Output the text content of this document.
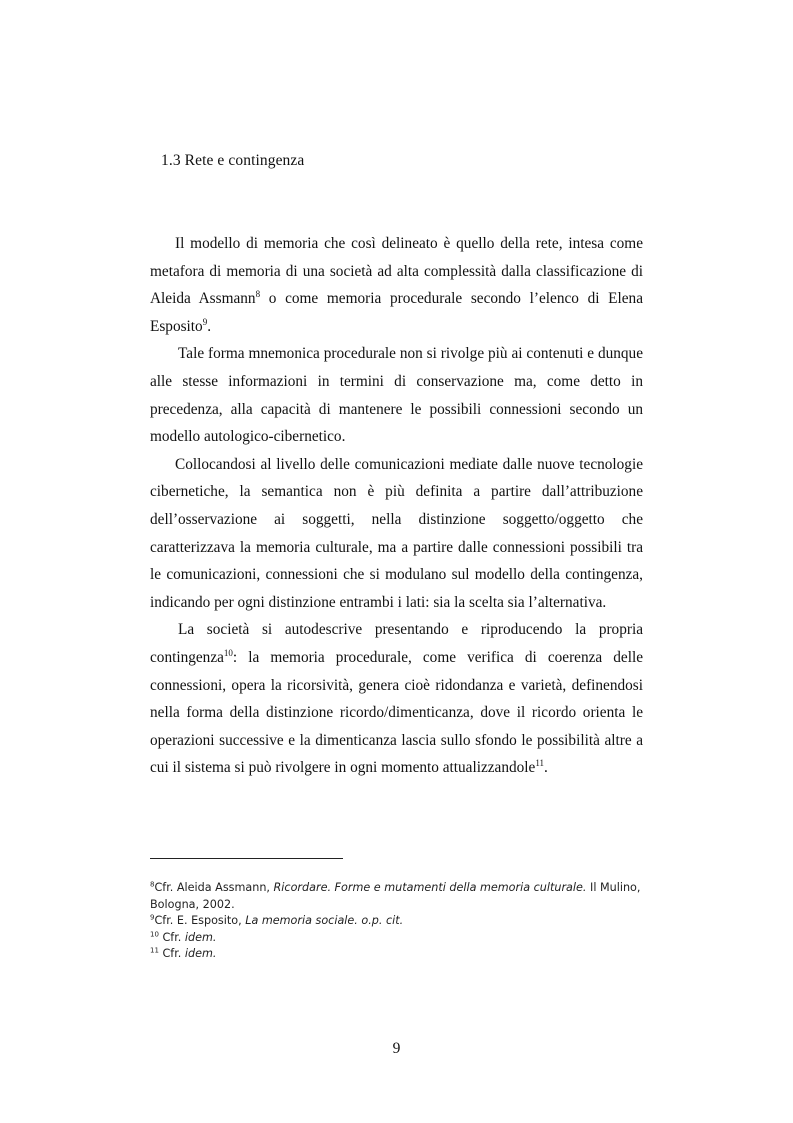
1.3 Rete e contingenza

Il modello di memoria che così delineato è quello della rete, intesa come metafora di memoria di una società ad alta complessità dalla classificazione di Aleida Assmann$^8$ o come memoria procedurale secondo l’elenco di Elena Esposito$^9$.

Tale forma mnemonica procedurale non si rivolge più ai contenuti e dunque alle stesse informazioni in termini di conservazione ma, come detto in precedenza, alla capacità di mantenere le possibili connessioni secondo un modello autologico-cibernetico.

Collocandosi al livello delle comunicazioni mediate dalle nuove tecnologie cibernetiche, la semantica non è più definita a partire dall’attribuzione dell’osservazione ai soggetti, nella distinzione soggetto/oggetto che caratterizzava la memoria culturale, ma a partire dalle connessioni possibili tra le comunicazioni, connessioni che si modulano sul modello della contingenza, indicando per ogni distinzione entrambi i lati: sia la scelta sia l’alternativa.

La società si autodescrive presentando e riproducendo la propria contingenza$^{10}$: la memoria procedurale, come verifica di coerenza delle connessioni, opera la ricorsività, genera cioè ridondanza e varietà, definendosi nella forma della distinzione ricordo/dimenticanza, dove il ricordo orienta le operazioni successive e la dimenticanza lascia sullo sfondo le possibilità altre a cui il sistema si può rivolgere in ogni momento attualizzandole$^{11}$.

$^8$Cfr. Aleida Assmann, Ricordare. Forme e mutamenti della memoria culturale. Il Mulino, Bologna, 2002.

$^9$Cfr. E. Esposito, La memoria sociale. o.p. cit.

$^{10}$ Cfr. idem.

$^{11}$ Cfr. idem.

9
